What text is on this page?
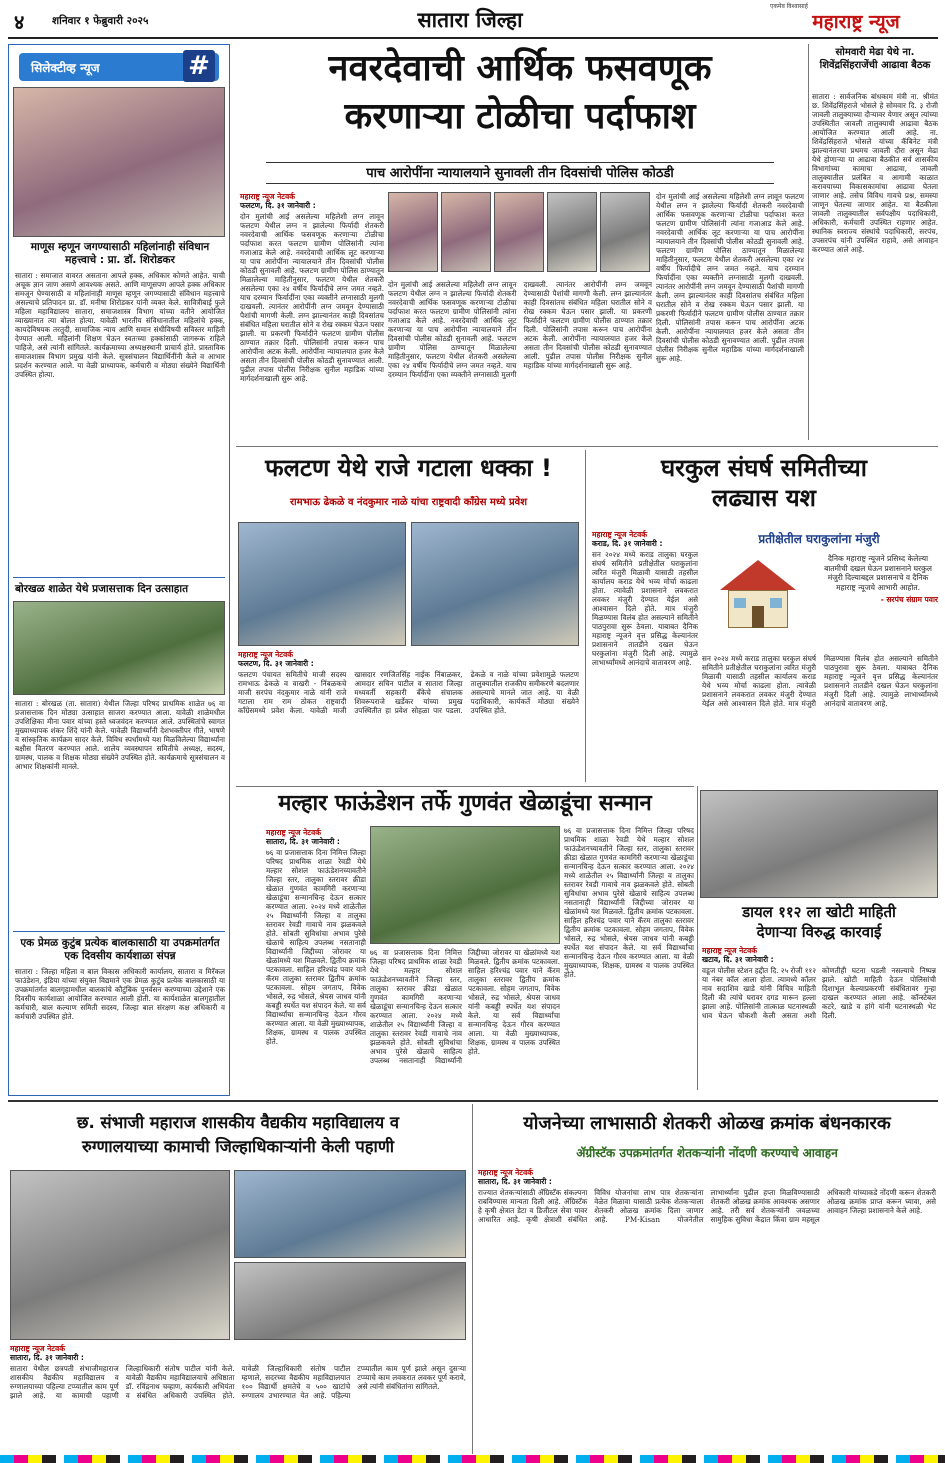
४	शनिवार १ फेब्रुवारी २०२५	सातारा जिल्हा
एकमेव विश्वासार्ह
महाराष्ट्र न्यूज
सिलेक्टीव्ह न्यूज	#
माणूस म्हणून जगण्यासाठी महिलांनाही संविधान महत्त्वाचे : प्रा. डॉ. शिरोडकर
सातारा : समाजात वावरत असताना आपले हक्क, अधिकार कोणते आहेत. याची अचूक ज्ञान जाण असणे आवश्यक असते. आणि माणूसपण आपले हक्क अधिकार समजून घेण्यासाठी व महिलांनाही माणूस म्हणून जगण्यासाठी संविधान महत्त्वाचे असल्याचे प्रतिपादन प्रा. डॉ. मनीषा शिरोडकर यांनी व्यक्त केले. सावित्रीबाई फुले महिला महाविद्यालय सातारा, समाजशास्त्र विभाग यांच्या वतीने आयोजित व्याख्यानात त्या बोलत होत्या. यावेळी भारतीय संविधानातील महिलांचे हक्क, कायदेविषयक तरतुदी, सामाजिक न्याय आणि समान संधीविषयी सविस्तर माहिती देण्यात आली. महिलांनी शिक्षण घेऊन स्वतःच्या हक्कांसाठी जागरूक राहिले पाहिजे, असे त्यांनी सांगितले. कार्यक्रमाच्या अध्यक्षस्थानी प्राचार्य होते. प्रास्ताविक समाजशास्त्र विभाग प्रमुख यांनी केले. सूत्रसंचालन विद्यार्थिनींनी केले व आभार प्रदर्शन करण्यात आले. या वेळी प्राध्यापक, कर्मचारी व मोठ्या संख्येने विद्यार्थिनी उपस्थित होत्या.
बोरखळ शाळेत येथे प्रजासत्ताक दिन उत्साहात
सातारा : बोरखळ (ता. सातारा) येथील जिल्हा परिषद प्राथमिक शाळेत ७६ वा प्रजासत्ताक दिन मोठ्या उत्साहात साजरा करण्यात आला. यावेळी शाळेमधील उपशिक्षिका मीना पवार यांच्या हस्ते ध्वजवंदन करण्यात आले. उपस्थितांचे स्वागत मुख्याध्यापक शंकर शिंदे यांनी केले. यावेळी विद्यार्थ्यांनी देशभक्तीपर गीते, भाषणे व सांस्कृतिक कार्यक्रम सादर केले. विविध स्पर्धांमध्ये यश मिळविलेल्या विद्यार्थ्यांना बक्षीस वितरण करण्यात आले. शालेय व्यवस्थापन समितीचे अध्यक्ष, सदस्य, ग्रामस्थ, पालक व शिक्षक मोठ्या संख्येने उपस्थित होते. कार्यक्रमाचे सूत्रसंचालन व आभार शिक्षकांनी मानले.
एक प्रेमळ कुटुंब प्रत्येक बालकासाठी या उपक्रमांतर्गत एक दिवसीय कार्यशाळा संपन्न
सातारा : जिल्हा महिला व बाल विकास अधिकारी कार्यालय, सातारा व मिरॅकल फाउंडेशन, इंडिया यांच्या संयुक्त विद्यमाने एक प्रेमळ कुटुंब प्रत्येक बालकासाठी या उपक्रमांतर्गत बालगृहामधील बालकांचे कौटुंबिक पुनर्वसन करण्याच्या उद्देशाने एक दिवसीय कार्यशाळा आयोजित करण्यात आली होती. या कार्यशाळेत बालगृहातील कर्मचारी, बाल कल्याण समिती सदस्य, जिल्हा बाल संरक्षण कक्ष अधिकारी व कर्मचारी उपस्थित होते.
नवरदेवाची आर्थिक फसवणूक
करणाऱ्या टोळीचा पर्दाफाश
पाच आरोपींना न्यायालयाने सुनावली तीन दिवसांची पोलिस कोठडी
महाराष्ट्र न्यूज नेटवर्क
फलटण, दि. ३१ जानेवारी :
दोन मुलांची आई असलेल्या महिलेशी लग्न लावून फलटण येथील लग्न न झालेल्या फिर्यादी शेतकरी नवरदेवाची आर्थिक फसवणूक करणाऱ्या टोळीचा पर्दाफाश करत फलटण ग्रामीण पोलिसांनी त्यांना गजाआड केले आहे. नवरदेवाची आर्थिक लूट करणाऱ्या या पाच आरोपींना न्यायालयाने तीन दिवसांची पोलीस कोठडी सुनावली आहे. फलटण ग्रामीण पोलिस ठाण्यातून मिळालेल्या माहितीनुसार, फलटण येथील शेतकरी असलेल्या एका २४ वर्षीय फिर्यादीचे लग्न जमत नव्हते. याच दरम्यान फिर्यादींना एका व्यक्तीने लग्नासाठी मुलगी दाखवली. त्यानंतर आरोपींनी लग्न जमवून देण्यासाठी पैशांची मागणी केली. लग्न झाल्यानंतर काही दिवसांतच संबंधित महिला घरातील सोने व रोख रक्कम घेऊन पसार झाली. या प्रकरणी फिर्यादीने फलटण ग्रामीण पोलीस ठाण्यात तक्रार दिली. पोलिसांनी तपास करून पाच आरोपींना अटक केली. आरोपींना न्यायालयात हजर केले असता तीन दिवसांची पोलीस कोठडी सुनावण्यात आली. पुढील तपास पोलीस निरीक्षक सुनील महाडिक यांच्या मार्गदर्शनाखाली सुरू आहे.
दोन मुलांची आई असलेल्या महिलेशी लग्न लावून फलटण येथील लग्न न झालेल्या फिर्यादी शेतकरी नवरदेवाची आर्थिक फसवणूक करणाऱ्या टोळीचा पर्दाफाश करत फलटण ग्रामीण पोलिसांनी त्यांना गजाआड केले आहे. नवरदेवाची आर्थिक लूट करणाऱ्या या पाच आरोपींना न्यायालयाने तीन दिवसांची पोलीस कोठडी सुनावली आहे. फलटण ग्रामीण पोलिस ठाण्यातून मिळालेल्या माहितीनुसार, फलटण येथील शेतकरी असलेल्या एका २४ वर्षीय फिर्यादीचे लग्न जमत नव्हते. याच दरम्यान फिर्यादींना एका व्यक्तीने लग्नासाठी मुलगी दाखवली. त्यानंतर आरोपींनी लग्न जमवून देण्यासाठी पैशांची मागणी केली. लग्न झाल्यानंतर काही दिवसांतच संबंधित महिला घरातील सोने व रोख रक्कम घेऊन पसार झाली. या प्रकरणी फिर्यादीने फलटण ग्रामीण पोलीस ठाण्यात तक्रार दिली. पोलिसांनी तपास करून पाच आरोपींना अटक केली. आरोपींना न्यायालयात हजर केले असता तीन दिवसांची पोलीस कोठडी सुनावण्यात आली. पुढील तपास पोलीस निरीक्षक सुनील महाडिक यांच्या मार्गदर्शनाखाली सुरू आहे.
दोन मुलांची आई असलेल्या महिलेशी लग्न लावून फलटण येथील लग्न न झालेल्या फिर्यादी शेतकरी नवरदेवाची आर्थिक फसवणूक करणाऱ्या टोळीचा पर्दाफाश करत फलटण ग्रामीण पोलिसांनी त्यांना गजाआड केले आहे. नवरदेवाची आर्थिक लूट करणाऱ्या या पाच आरोपींना न्यायालयाने तीन दिवसांची पोलीस कोठडी सुनावली आहे. फलटण ग्रामीण पोलिस ठाण्यातून मिळालेल्या माहितीनुसार, फलटण येथील शेतकरी असलेल्या एका २४ वर्षीय फिर्यादीचे लग्न जमत नव्हते. याच दरम्यान फिर्यादींना एका व्यक्तीने लग्नासाठी मुलगी दाखवली. त्यानंतर आरोपींनी लग्न जमवून देण्यासाठी पैशांची मागणी केली. लग्न झाल्यानंतर काही दिवसांतच संबंधित महिला घरातील सोने व रोख रक्कम घेऊन पसार झाली. या प्रकरणी फिर्यादीने फलटण ग्रामीण पोलीस ठाण्यात तक्रार दिली. पोलिसांनी तपास करून पाच आरोपींना अटक केली. आरोपींना न्यायालयात हजर केले असता तीन दिवसांची पोलीस कोठडी सुनावण्यात आली. पुढील तपास पोलीस निरीक्षक सुनील महाडिक यांच्या मार्गदर्शनाखाली सुरू आहे.
सोमवारी मेढा येथे ना. शिवेंद्रसिंहराजेंची आढावा बैठक
सातारा : सार्वजनिक बांधकाम मंत्री ना. श्रीमंत छ. शिवेंद्रसिंहराजे भोसले हे सोमवार दि. ३ रोजी जावली तालुक्याच्या दौऱ्यावर येणार असून त्यांच्या उपस्थितीत जावली तालुक्याची आढावा बैठक आयोजित करण्यात आली आहे. ना. शिवेंद्रसिंहराजे भोसले यांच्या कॅबिनेट मंत्री झाल्यानंतरचा प्रथमच जावली दौरा असून मेढा येथे होणाऱ्या या आढावा बैठकीत सर्व शासकीय विभागांच्या कामाचा आढावा, जावली तालुक्यातील प्रलंबित व आगामी काळात करावयाच्या विकासकामांचा आढावा घेतला जाणार आहे. तसेच विविध गावचे प्रश्न, समस्या जाणून घेतल्या जाणार आहेत. या बैठकीला जावली तालुक्यातील सर्वपक्षीय पदाधिकारी, अधिकारी, कर्मचारी उपस्थित राहणार आहेत. स्थानिक स्वराज्य संस्थांचे पदाधिकारी, सरपंच, उपसरपंच यांनी उपस्थित राहावे, असे आवाहन करण्यात आले आहे.
फलटण येथे राजे गटाला धक्का !
रामभाऊ ढेकळे व नंदकुमार नाळे यांचा राष्ट्रवादी काँग्रेस मध्ये प्रवेश
महाराष्ट्र न्यूज नेटवर्क
फलटण, दि. ३१ जानेवारी :
फलटण पंचायत समितीचे माजी सदस्य रामभाऊ ढेकळे व वाखरी - निंबळकचे माजी सरपंच नंदकुमार नाळे यांनी राजे गटाला राम राम ठोकत राष्ट्रवादी काँग्रेसमध्ये प्रवेश केला. यावेळी माजी खासदार रणजितसिंह नाईक निंबाळकर, आमदार सचिन पाटील व सातारा जिल्हा मध्यवर्ती सहकारी बँकेचे संचालक शिवरूपराजे खर्डेकर यांच्या प्रमुख उपस्थितीत हा प्रवेश सोहळा पार पडला. ढेकळे व नाळे यांच्या प्रवेशामुळे फलटण तालुक्यातील राजकीय समीकरणे बदलणार असल्याचे मानले जात आहे. या वेळी पदाधिकारी, कार्यकर्ते मोठ्या संख्येने उपस्थित होते.
घरकुल संघर्ष समितीच्या
लढ्यास यश
प्रतीक्षेतील घराकुलांना मंजुरी
महाराष्ट्र न्यूज नेटवर्क
कराड, दि. ३१ जानेवारी :
दैनिक महाराष्ट्र न्यूजने प्रसिध्द केलेल्या बातमीची दखल घेऊन प्रशासनाने घरकुल मंजुरी दिल्याबद्दल प्रशासनाचे व दैनिक महाराष्ट्र न्यूजचे आभारी आहोत.
- सरपंच संग्राम पवार
सन २०२४ मध्ये कराड तालुका घरकुल संघर्ष समितीने प्रतीक्षेतील घराकुलांना त्वरित मंजुरी मिळावी यासाठी तहसील कार्यालय कराड येथे भव्य मोर्चा काढला होता. त्यावेळी प्रशासनाने लवकरात लवकर मंजुरी देण्यात येईल असे आश्वासन दिले होते. मात्र मंजुरी मिळण्यास विलंब होत असल्याने समितीने पाठपुरावा सुरू ठेवला. याबाबत दैनिक महाराष्ट्र न्यूजने वृत्त प्रसिद्ध केल्यानंतर प्रशासनाने तातडीने दखल घेऊन घरकुलांना मंजुरी दिली आहे. त्यामुळे लाभार्थ्यांमध्ये आनंदाचे वातावरण आहे.	सन २०२४ मध्ये कराड तालुका घरकुल संघर्ष समितीने प्रतीक्षेतील घराकुलांना त्वरित मंजुरी मिळावी यासाठी तहसील कार्यालय कराड येथे भव्य मोर्चा काढला होता. त्यावेळी प्रशासनाने लवकरात लवकर मंजुरी देण्यात येईल असे आश्वासन दिले होते. मात्र मंजुरी मिळण्यास विलंब होत असल्याने समितीने पाठपुरावा सुरू ठेवला. याबाबत दैनिक महाराष्ट्र न्यूजने वृत्त प्रसिद्ध केल्यानंतर प्रशासनाने तातडीने दखल घेऊन घरकुलांना मंजुरी दिली आहे. त्यामुळे लाभार्थ्यांमध्ये आनंदाचे वातावरण आहे.
मल्हार फाऊंडेशन तर्फे गुणवंत खेळाडूंचा सन्मान
महाराष्ट्र न्यूज नेटवर्क
सातारा, दि. ३१ जानेवारी :
७६ वा प्रजासत्ताक दिना निमित्त जिल्हा परिषद प्राथमिक शाळा रेवडी येथे मल्हार सोशल फाऊंडेशनच्यावतीने जिल्हा स्तर, तालुका स्तरावर क्रीडा खेळात गुणवंत कामगिरी करणाऱ्या खेळाडूंचा सन्मानचिन्ह देऊन सत्कार करण्यात आला. २०२४ मध्ये शाळेतील २५ विद्यार्थ्यांनी जिल्हा व तालुका स्तरावर रेवडी गावाचे नाव झळकवले होते. सोबती सुविधांचा अभाव पुरेसे खेळाचे साहित्य उपलब्ध नसतानाही विद्यार्थ्यांनी जिद्दीच्या जोरावर या खेळांमध्ये यश मिळवले. द्वितीय क्रमांक पटकावला. साहिल हरिश्चंद्र पवार याने कॅरम तालुका स्तरावर द्वितीय क्रमांक पटकावला. सोहम जगताप, विवेक भोसले, रुद्र भोसले, श्रेयस जाधव यांनी कबड्डी स्पर्धेत यश संपादन केले. या सर्व विद्यार्थ्यांचा सन्मानचिन्ह देऊन गौरव करण्यात आला. या वेळी मुख्याध्यापक, शिक्षक, ग्रामस्थ व पालक उपस्थित होते.
७६ वा प्रजासत्ताक दिना निमित्त जिल्हा परिषद प्राथमिक शाळा रेवडी येथे मल्हार सोशल फाऊंडेशनच्यावतीने जिल्हा स्तर, तालुका स्तरावर क्रीडा खेळात गुणवंत कामगिरी करणाऱ्या खेळाडूंचा सन्मानचिन्ह देऊन सत्कार करण्यात आला. २०२४ मध्ये शाळेतील २५ विद्यार्थ्यांनी जिल्हा व तालुका स्तरावर रेवडी गावाचे नाव झळकवले होते. सोबती सुविधांचा अभाव पुरेसे खेळाचे साहित्य उपलब्ध नसतानाही विद्यार्थ्यांनी जिद्दीच्या जोरावर या खेळांमध्ये यश मिळवले. द्वितीय क्रमांक पटकावला. साहिल हरिश्चंद्र पवार याने कॅरम तालुका स्तरावर द्वितीय क्रमांक पटकावला. सोहम जगताप, विवेक भोसले, रुद्र भोसले, श्रेयस जाधव यांनी कबड्डी स्पर्धेत यश संपादन केले. या सर्व विद्यार्थ्यांचा सन्मानचिन्ह देऊन गौरव करण्यात आला. या वेळी मुख्याध्यापक, शिक्षक, ग्रामस्थ व पालक उपस्थित होते.
७६ वा प्रजासत्ताक दिना निमित्त जिल्हा परिषद प्राथमिक शाळा रेवडी येथे मल्हार सोशल फाऊंडेशनच्यावतीने जिल्हा स्तर, तालुका स्तरावर क्रीडा खेळात गुणवंत कामगिरी करणाऱ्या खेळाडूंचा सन्मानचिन्ह देऊन सत्कार करण्यात आला. २०२४ मध्ये शाळेतील २५ विद्यार्थ्यांनी जिल्हा व तालुका स्तरावर रेवडी गावाचे नाव झळकवले होते. सोबती सुविधांचा अभाव पुरेसे खेळाचे साहित्य उपलब्ध नसतानाही विद्यार्थ्यांनी जिद्दीच्या जोरावर या खेळांमध्ये यश मिळवले. द्वितीय क्रमांक पटकावला. साहिल हरिश्चंद्र पवार याने कॅरम तालुका स्तरावर द्वितीय क्रमांक पटकावला. सोहम जगताप, विवेक भोसले, रुद्र भोसले, श्रेयस जाधव यांनी कबड्डी स्पर्धेत यश संपादन केले. या सर्व विद्यार्थ्यांचा सन्मानचिन्ह देऊन गौरव करण्यात आला. या वेळी मुख्याध्यापक, शिक्षक, ग्रामस्थ व पालक उपस्थित होते.
डायल ११२ ला खोटी माहिती
देणाऱ्या विरुद्ध कारवाई
महाराष्ट्र न्यूज नेटवर्क
खटाव, दि. ३१ जानेवारी :
वडूज पोलीस स्टेशन हद्दीत दि. २५ रोजी ११२ या नंबर कॉल आला होता. त्यामध्ये कॉलर नाव सदाशिव खाडे यांनी विचित्र माहिती दिली की त्यांचे घरावर दगड मारून हल्ला झाला आहे. पोलिसांनी तात्काळ घटनास्थळी धाव घेऊन चौकशी केली असता अशी कोणतीही घटना घडली नसल्याचे निष्पन्न झाले. खोटी माहिती देऊन पोलिसांची दिशाभूल केल्याप्रकरणी संबंधितावर गुन्हा दाखल करण्यात आला आहे. कॉन्स्टेबल कटरे, खाडे व हांगे यांनी घटनास्थळी भेट दिली.
छ. संभाजी महाराज शासकीय वैद्यकीय महाविद्यालय व
रुग्णालयाच्या कामाची जिल्हाधिकाऱ्यांनी केली पहाणी
महाराष्ट्र न्यूज नेटवर्क
सातारा, दि. ३१ जानेवारी :
सातारा येथील छत्रपती संभाजीमहाराज शासकीय वैद्यकीय महाविद्यालय व रुग्णालयाच्या पहिल्या टप्प्यातील काम पूर्ण झाले आहे. या कामाची पहाणी जिल्हाधिकारी संतोष पाटील यांनी केले. यावेळी वैद्यकीय महाविद्यालयाचे अधिष्ठाता डॉ. रविंद्रनाथ चव्हाण, कार्यकारी अभियंता व संबंधित अधिकारी उपस्थित होते. यावेळी जिल्हाधिकारी संतोष पाटील म्हणाले, सदरच्या वैद्यकीय महाविद्यालयात १०० विद्यार्थी क्षमतेचे व ५०० खाटांचे रुग्णालय उभारण्यात येत आहे. पहिल्या टप्प्यातील काम पूर्ण झाले असून दुसऱ्या टप्प्याचे काम लवकरात लवकर पूर्ण करावे, असे त्यांनी संबंधितांना सांगितले.
योजनेच्या लाभासाठी शेतकरी ओळख क्रमांक बंधनकारक
ॲग्रीस्टॅक उपक्रमांतर्गत शेतकऱ्यांनी नोंदणी करण्याचे आवाहन
महाराष्ट्र न्यूज नेटवर्क
सातारा, दि. ३१ जानेवारी :
राज्यात शेतकऱ्यांसाठी ॲग्रिस्टॅक संकल्पना राबविण्यास मान्यता दिली आहे. ॲग्रिस्टॅक हे कृषी क्षेत्रात डेटा व डिजीटल सेवा यावर आधारित आहे. कृषी क्षेत्राशी संबंधित विविध योजनांचा लाभ पात्र शेतकऱ्यांना वेळेत मिळावा यासाठी प्रत्येक शेतकऱ्याला शेतकरी ओळख क्रमांक दिला जाणार आहे. PM-Kisan योजनेतील लाभार्थ्यांना पुढील हप्ता मिळविण्यासाठी शेतकरी ओळख क्रमांक आवश्यक असणार आहे. तरी सर्व शेतकऱ्यांनी जवळच्या सामुहिक सुविधा केंद्रात किंवा ग्राम महसूल अधिकारी यांच्याकडे नोंदणी करून शेतकरी ओळख क्रमांक प्राप्त करून घ्यावा, असे आवाहन जिल्हा प्रशासनाने केले आहे.
